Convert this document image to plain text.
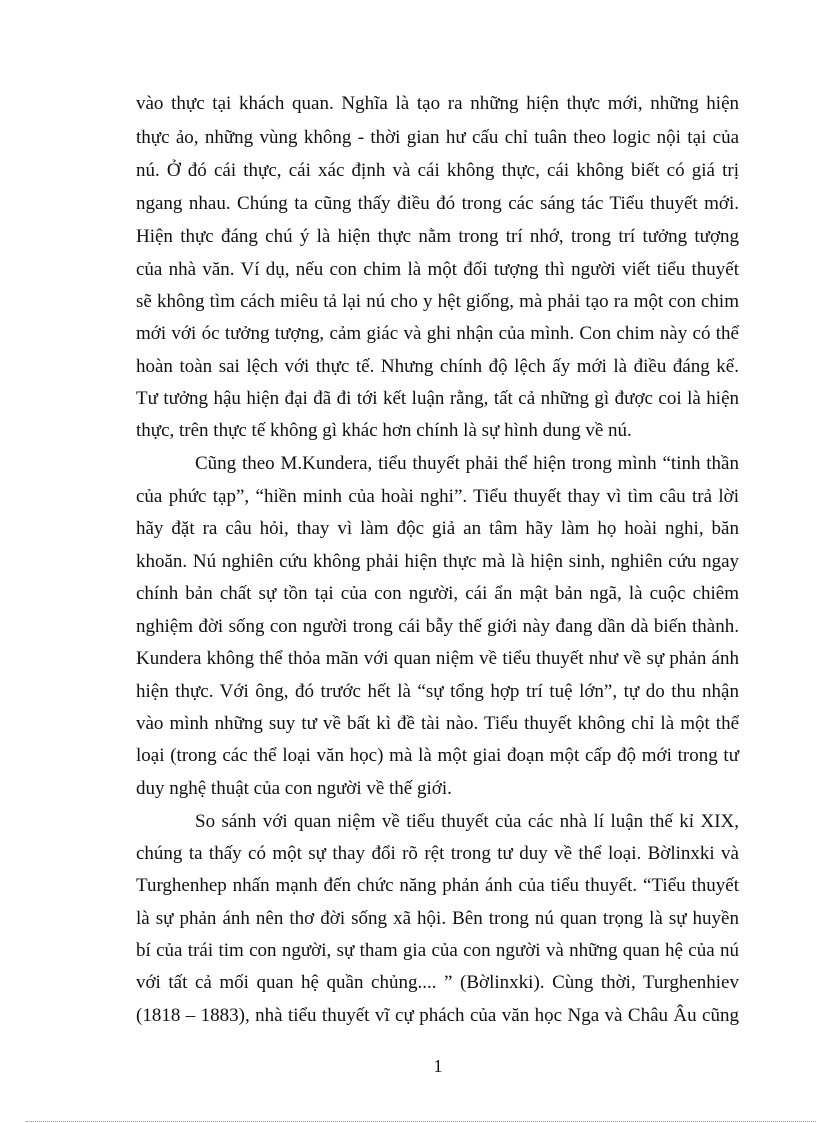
vào thực tại khách quan. Nghĩa là tạo ra những hiện thực mới, những hiện
thực ảo, những vùng không - thời gian hư cấu chỉ tuân theo logic nội tại của
nú. Ở đó cái thực, cái xác định và cái không thực, cái không biết có giá trị
ngang nhau. Chúng ta cũng thấy điều đó trong các sáng tác Tiểu thuyết mới.
Hiện thực đáng chú ý là hiện thực nằm trong trí nhớ, trong trí tưởng tượng
của nhà văn. Ví dụ, nếu con chim là một đối tượng thì người viết tiểu thuyết
sẽ không tìm cách miêu tả lại nú cho y hệt giống, mà phải tạo ra một con chim
mới với óc tưởng tượng, cảm giác và ghi nhận của mình. Con chim này có thể
hoàn toàn sai lệch với thực tế. Nhưng chính độ lệch ấy mới là điều đáng kể.
Tư tưởng hậu hiện đại đã đi tới kết luận rằng, tất cả những gì được coi là hiện
thực, trên thực tế không gì khác hơn chính là sự hình dung về nú.
Cũng theo M.Kundera, tiểu thuyết phải thể hiện trong mình “tinh thần
của phức tạp”, “hiền minh của hoài nghi”. Tiểu thuyết thay vì tìm câu trả lời
hãy đặt ra câu hỏi, thay vì làm độc giả an tâm hãy làm họ hoài nghi, băn
khoăn. Nú nghiên cứu không phải hiện thực mà là hiện sinh, nghiên cứu ngay
chính bản chất sự tồn tại của con người, cái ẩn mật bản ngã, là cuộc chiêm
nghiệm đời sống con người trong cái bẫy thế giới này đang dần dà biến thành.
Kundera không thể thỏa mãn với quan niệm về tiểu thuyết như về sự phản ánh
hiện thực. Với ông, đó trước hết là “sự tổng hợp trí tuệ lớn”, tự do thu nhận
vào mình những suy tư về bất kì đề tài nào. Tiểu thuyết không chỉ là một thể
loại (trong các thể loại văn học) mà là một giai đoạn một cấp độ mới trong tư
duy nghệ thuật của con người về thế giới.
So sánh với quan niệm về tiểu thuyết của các nhà lí luận thế kỉ XIX,
chúng ta thấy có một sự thay đổi rõ rệt trong tư duy về thể loại. Bờlinxki và
Turghenhep nhấn mạnh đến chức năng phản ánh của tiểu thuyết. “Tiểu thuyết
là sự phản ánh nên thơ đời sống xã hội. Bên trong nú quan trọng là sự huyền
bí của trái tim con người, sự tham gia của con người và những quan hệ của nú
với tất cả mối quan hệ quần chủng.... ” (Bờlinxki). Cùng thời, Turghenhiev
(1818 – 1883), nhà tiểu thuyết vĩ cự phách của văn học Nga và Châu Âu cũng
1
